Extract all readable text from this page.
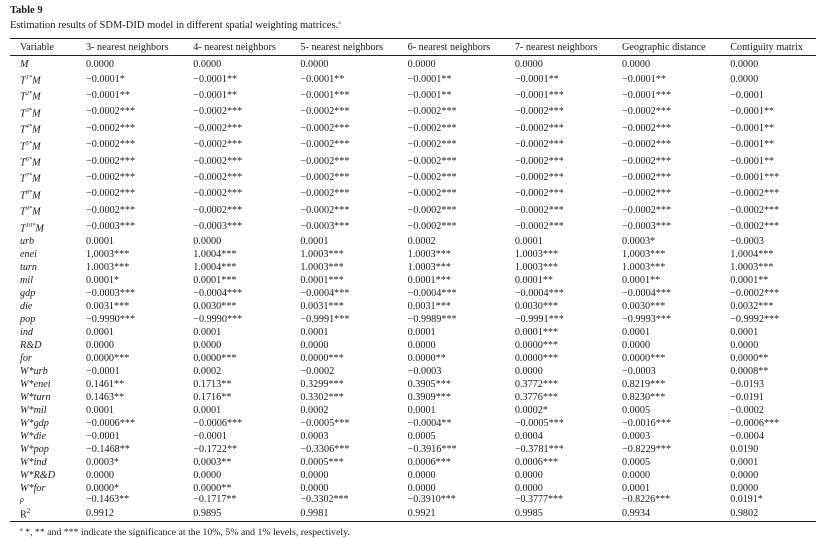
Table 9
Estimation results of SDM-DID model in different spatial weighting matrices.$^a$
Variable	3- nearest neighbors	4- nearest neighbors	5- nearest neighbors	6- nearest neighbors	7- nearest neighbors	Geographic distance	Contiguity matrix
M	0.0000	0.0000	0.0000	0.0000	0.0000	0.0000	0.0000
$T^{1*}M$	−0.0001*	−0.0001**	−0.0001**	−0.0001**	−0.0001**	−0.0001**	0.0000
$T^{2*}M$	−0.0001**	−0.0001**	−0.0001***	−0.0001**	−0.0001***	−0.0001***	−0.0001
$T^{3*}M$	−0.0002***	−0.0002***	−0.0002***	−0.0002***	−0.0002***	−0.0002***	−0.0001**
$T^{4*}M$	−0.0002***	−0.0002***	−0.0002***	−0.0002***	−0.0002***	−0.0002***	−0.0001**
$T^{5*}M$	−0.0002***	−0.0002***	−0.0002***	−0.0002***	−0.0002***	−0.0002***	−0.0001**
$T^{6*}M$	−0.0002***	−0.0002***	−0.0002***	−0.0002***	−0.0002***	−0.0002***	−0.0001**
$T^{7*}M$	−0.0002***	−0.0002***	−0.0002***	−0.0002***	−0.0002***	−0.0002***	−0.0001***
$T^{8*}M$	−0.0002***	−0.0002***	−0.0002***	−0.0002***	−0.0002***	−0.0002***	−0.0002***
$T^{9*}M$	−0.0002***	−0.0002***	−0.0002***	−0.0002***	−0.0002***	−0.0002***	−0.0002***
$T^{10*}M$	−0.0003***	−0.0003***	−0.0003***	−0.0002***	−0.0002***	−0.0003***	−0.0002***
urb	0.0001	0.0000	0.0001	0.0002	0.0001	0.0003*	−0.0003
enei	1.0003***	1.0004***	1.0003***	1.0003***	1.0003***	1.0003***	1.0004***
turn	1.0003***	1.0004***	1.0003***	1.0003***	1.0003***	1.0003***	1.0003***
mil	0.0001*	0.0001***	0.0001***	0.0001***	0.0001**	0.0001**	0.0001**
gdp	−0.0003***	−0.0004***	−0.0004***	−0.0004***	−0.0004***	−0.0004***	−0.0002***
die	0.0031***	0.0030***	0.0031***	0.0031***	0.0030***	0.0030***	0.0032***
pop	−0.9990***	−0.9990***	−0.9991***	−0.9989***	−0.9991***	−0.9993***	−0.9992***
ind	0.0001	0.0001	0.0001	0.0001	0.0001***	0.0001	0.0001
R&D	0.0000	0.0000	0.0000	0.0000	0.0000***	0.0000	0.0000
for	0.0000***	0.0000***	0.0000***	0.0000**	0.0000***	0.0000***	0.0000**
W*urb	−0.0001	0.0002	−0.0002	−0.0003	0.0000	−0.0003	0.0008**
W*enei	0.1461**	0.1713**	0.3299***	0.3905***	0.3772***	0.8219***	−0.0193
W*turn	0.1463**	0.1716**	0.3302***	0.3909***	0.3776***	0.8230***	−0.0191
W*mil	0.0001	0.0001	0.0002	0.0001	0.0002*	0.0005	−0.0002
W*gdp	−0.0006***	−0.0006***	−0.0005***	−0.0004**	−0.0005***	−0.0016***	−0.0006***
W*die	−0.0001	−0.0001	0.0003	0.0005	0.0004	0.0003	−0.0004
W*pop	−0.1468**	−0.1722**	−0.3306***	−0.3916***	−0.3781***	−0.8229***	0.0190
W*ind	0.0003*	0.0003**	0.0005***	0.0006***	0.0006***	0.0005	0.0001
W*R&D	0.0000	0.0000	0.0000	0.0000	0.0000	0.0000	0.0000
W*for	0.0000*	0.0000**	0.0000	0.0000	0.0000	0.0001	0.0000
ρ	−0.1463**	−0.1717**	−0.3302***	−0.3910***	−0.3777***	−0.8226***	0.0191*
$R^2$	0.9912	0.9895	0.9981	0.9921	0.9985	0.9934	0.9802
$^a$ *, ** and *** indicate the significance at the 10%, 5% and 1% levels, respectively.
